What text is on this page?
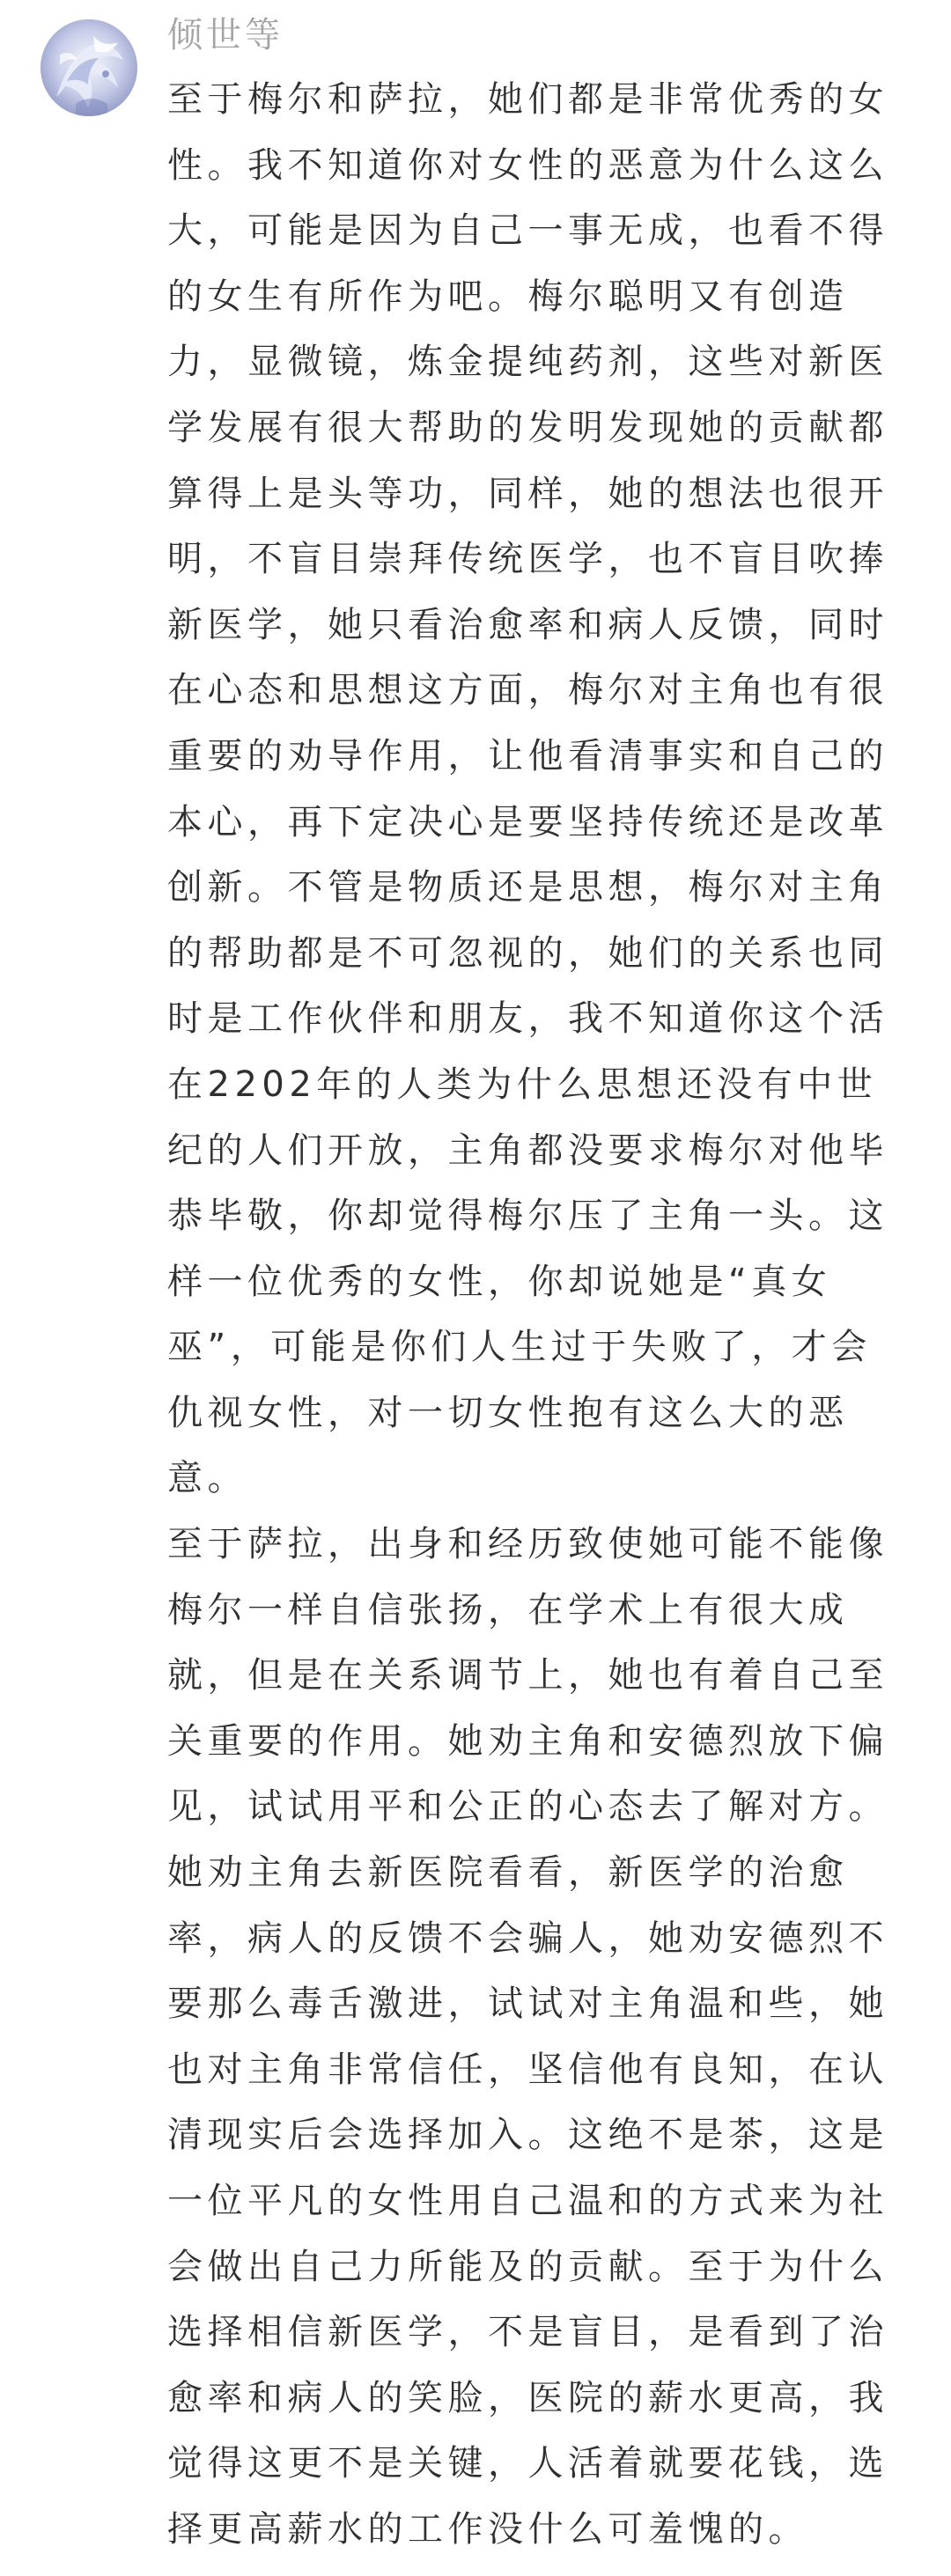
倾世等

至于梅尔和萨拉，她们都是非常优秀的女性。我不知道你对女性的恶意为什么这么大，可能是因为自己一事无成，也看不得的女生有所作为吧。梅尔聪明又有创造力，显微镜，炼金提纯药剂，这些对新医学发展有很大帮助的发明发现她的贡献都算得上是头等功，同样，她的想法也很开明，不盲目崇拜传统医学，也不盲目吹捧新医学，她只看治愈率和病人反馈，同时在心态和思想这方面，梅尔对主角也有很重要的劝导作用，让他看清事实和自己的本心，再下定决心是要坚持传统还是改革创新。不管是物质还是思想，梅尔对主角的帮助都是不可忽视的，她们的关系也同时是工作伙伴和朋友，我不知道你这个活在2202年的人类为什么思想还没有中世纪的人们开放，主角都没要求梅尔对他毕恭毕敬，你却觉得梅尔压了主角一头。这样一位优秀的女性，你却说她是“真女巫”，可能是你们人生过于失败了，才会仇视女性，对一切女性抱有这么大的恶意。

至于萨拉，出身和经历致使她可能不能像梅尔一样自信张扬，在学术上有很大成就，但是在关系调节上，她也有着自己至关重要的作用。她劝主角和安德烈放下偏见，试试用平和公正的心态去了解对方。她劝主角去新医院看看，新医学的治愈率，病人的反馈不会骗人，她劝安德烈不要那么毒舌激进，试试对主角温和些，她也对主角非常信任，坚信他有良知，在认清现实后会选择加入。这绝不是茶，这是一位平凡的女性用自己温和的方式来为社会做出自己力所能及的贡献。至于为什么选择相信新医学，不是盲目，是看到了治愈率和病人的笑脸，医院的薪水更高，我觉得这更不是关键，人活着就要花钱，选择更高薪水的工作没什么可羞愧的。
